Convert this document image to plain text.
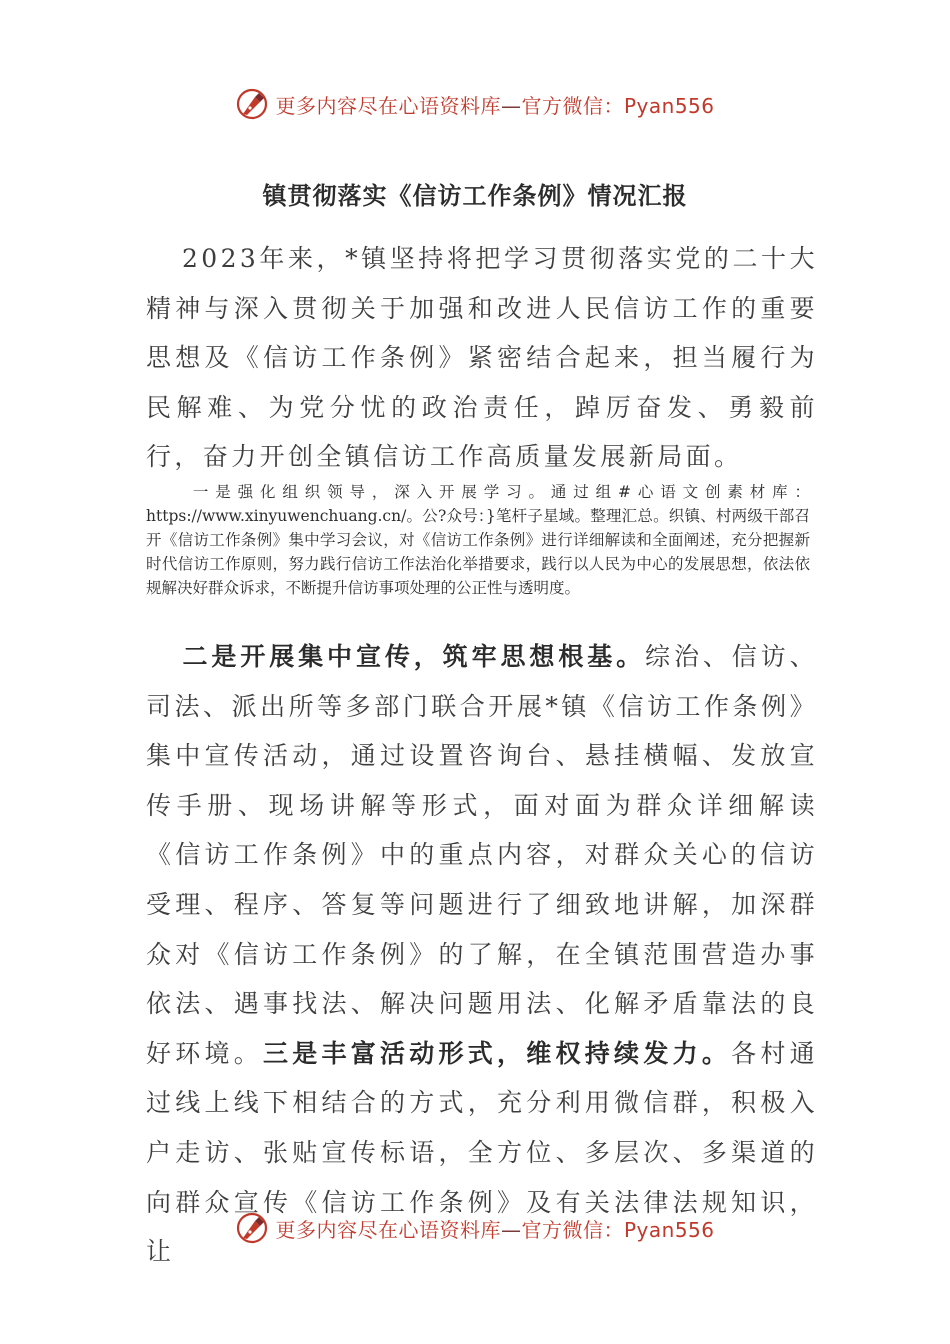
更多内容尽在心语资料库—官方微信：Pyan556
镇贯彻落实《信访工作条例》情况汇报

2023年来，*镇坚持将把学习贯彻落实党的二十大精神与深入贯彻关于加强和改进人民信访工作的重要思想及《信访工作条例》紧密结合起来，担当履行为民解难、为党分忧的政治责任，踔厉奋发、勇毅前行，奋力开创全镇信访工作高质量发展新局面。

一是强化组织领导，深入开展学习。通过组#心语文创素材库：https://www.xinyuwenchuang.cn/。公?众号：}笔杆子星域。整理汇总。织镇、村两级干部召开《信访工作条例》集中学习会议，对《信访工作条例》进行详细解读和全面阐述，充分把握新时代信访工作原则，努力践行信访工作法治化举措要求，践行以人民为中心的发展思想，依法依规解决好群众诉求，不断提升信访事项处理的公正性与透明度。

二是开展集中宣传，筑牢思想根基。综治、信访、司法、派出所等多部门联合开展*镇《信访工作条例》集中宣传活动，通过设置咨询台、悬挂横幅、发放宣传手册、现场讲解等形式，面对面为群众详细解读《信访工作条例》中的重点内容，对群众关心的信访受理、程序、答复等问题进行了细致地讲解，加深群众对《信访工作条例》的了解，在全镇范围营造办事依法、遇事找法、解决问题用法、化解矛盾靠法的良好环境。三是丰富活动形式，维权持续发力。各村通过线上线下相结合的方式，充分利用微信群，积极入户走访、张贴宣传标语，全方位、多层次、多渠道的向群众宣传《信访工作条例》及有关法律法规知识，让

更多内容尽在心语资料库—官方微信：Pyan556
